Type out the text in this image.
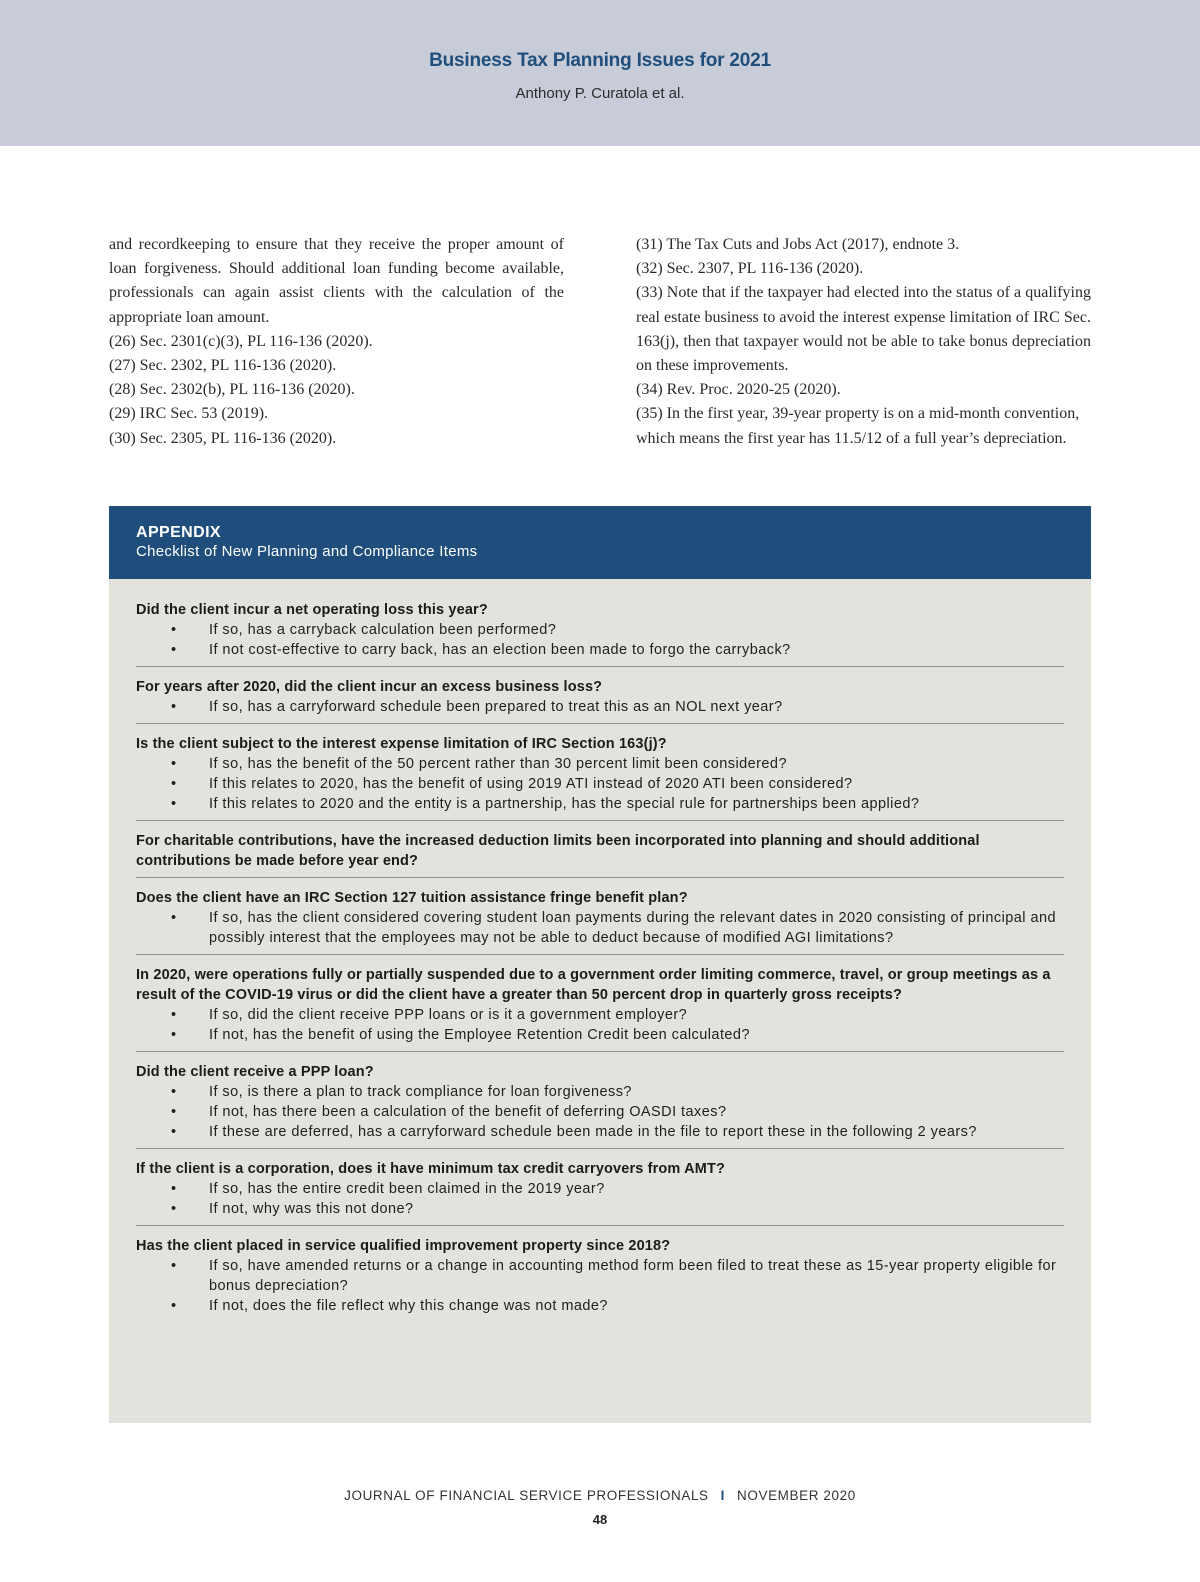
Business Tax Planning Issues for 2021
Anthony P. Curatola et al.

and recordkeeping to ensure that they receive the proper amount of loan forgiveness. Should additional loan funding become available, professionals can again assist clients with the calculation of the appropriate loan amount.

(26) Sec. 2301(c)(3), PL 116-136 (2020).

(27) Sec. 2302, PL 116-136 (2020).

(28) Sec. 2302(b), PL 116-136 (2020).

(29) IRC Sec. 53 (2019).

(30) Sec. 2305, PL 116-136 (2020).

(31) The Tax Cuts and Jobs Act (2017), endnote 3.

(32) Sec. 2307, PL 116-136 (2020).

(33) Note that if the taxpayer had elected into the status of a qualifying real estate business to avoid the interest expense limitation of IRC Sec. 163(j), then that taxpayer would not be able to take bonus depreciation on these improvements.

(34) Rev. Proc. 2020-25 (2020).

(35) In the first year, 39-year property is on a mid-month convention, which means the first year has 11.5/12 of a full year’s depreciation.

APPENDIX
Checklist of New Planning and Compliance Items
Did the client incur a net operating loss this year?
• If so, has a carryback calculation been performed?
• If not cost-effective to carry back, has an election been made to forgo the carryback?
For years after 2020, did the client incur an excess business loss?
• If so, has a carryforward schedule been prepared to treat this as an NOL next year?
Is the client subject to the interest expense limitation of IRC Section 163(j)?
• If so, has the benefit of the 50 percent rather than 30 percent limit been considered?
• If this relates to 2020, has the benefit of using 2019 ATI instead of 2020 ATI been considered?
• If this relates to 2020 and the entity is a partnership, has the special rule for partnerships been applied?
For charitable contributions, have the increased deduction limits been incorporated into planning and should additional contributions be made before year end?
Does the client have an IRC Section 127 tuition assistance fringe benefit plan?
• If so, has the client considered covering student loan payments during the relevant dates in 2020 consisting of principal and possibly interest that the employees may not be able to deduct because of modified AGI limitations?
In 2020, were operations fully or partially suspended due to a government order limiting commerce, travel, or group meetings as a result of the COVID-19 virus or did the client have a greater than 50 percent drop in quarterly gross receipts?
• If so, did the client receive PPP loans or is it a government employer?
• If not, has the benefit of using the Employee Retention Credit been calculated?
Did the client receive a PPP loan?
• If so, is there a plan to track compliance for loan forgiveness?
• If not, has there been a calculation of the benefit of deferring OASDI taxes?
• If these are deferred, has a carryforward schedule been made in the file to report these in the following 2 years?
If the client is a corporation, does it have minimum tax credit carryovers from AMT?
• If so, has the entire credit been claimed in the 2019 year?
• If not, why was this not done?
Has the client placed in service qualified improvement property since 2018?
• If so, have amended returns or a change in accounting method form been filed to treat these as 15-year property eligible for bonus depreciation?
• If not, does the file reflect why this change was not made?
JOURNAL OF FINANCIAL SERVICE PROFESSIONALS I NOVEMBER 2020
48
